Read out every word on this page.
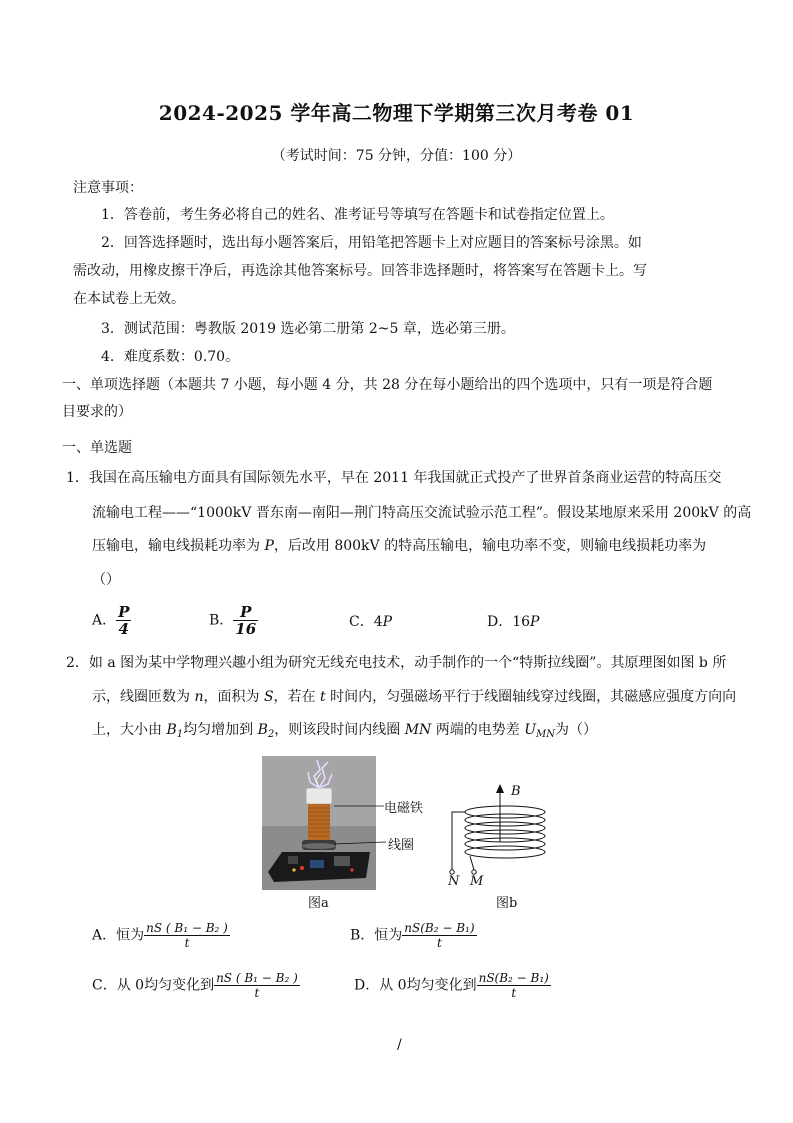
2024-2025 学年高二物理下学期第三次月考卷 01
（考试时间：75 分钟，分值：100 分）
注意事项：
1．答卷前，考生务必将自己的姓名、准考证号等填写在答题卡和试卷指定位置上。
2．回答选择题时，选出每小题答案后，用铅笔把答题卡上对应题目的答案标号涂黑。如
需改动，用橡皮擦干净后，再选涂其他答案标号。回答非选择题时，将答案写在答题卡上。写
在本试卷上无效。
3．测试范围：粤教版 2019 选必第二册第 2~5 章，选必第三册。
4．难度系数：0.70。
一、单项选择题（本题共 7 小题，每小题 4 分，共 28 分在每小题给出的四个选项中，只有一项是符合题
目要求的）
一、单选题
1．我国在高压输电方面具有国际领先水平，早在 2011 年我国就正式投产了世界首条商业运营的特高压交
流输电工程——“1000kV 晋东南—南阳—荆门特高压交流试验示范工程”。假设某地原来采用 200kV 的高
压输电，输电线损耗功率为 P，后改用 800kV 的特高压输电，输电功率不变，则输电线损耗功率为
（）
A． $\frac{P}{4}$	B． $\frac{P}{16}$	C．4P	D．16P
2．如 a 图为某中学物理兴趣小组为研究无线充电技术，动手制作的一个“特斯拉线圈”。其原理图如图 b 所
示，线圈匝数为 n，面积为 S，若在 t 时间内，匀强磁场平行于线圈轴线穿过线圈，其磁感应强度方向向
上，大小由 $B_1$均匀增加到 $B_2$，则该段时间内线圈 MN 两端的电势差 $U_{MN}$为（）
电磁铁
线圈
图a
B
N M
图b
A．恒为 $\frac{\text{nS ( B₁ − B₂ )}}{t}$	B．恒为 $\frac{\text{nS(B₂ − B₁)}}{t}$
C．从 0均匀变化到 $\frac{\text{nS ( B₁ − B₂ )}}{t}$	D．从 0均匀变化到 $\frac{\text{nS(B₂ − B₁)}}{t}$
/
